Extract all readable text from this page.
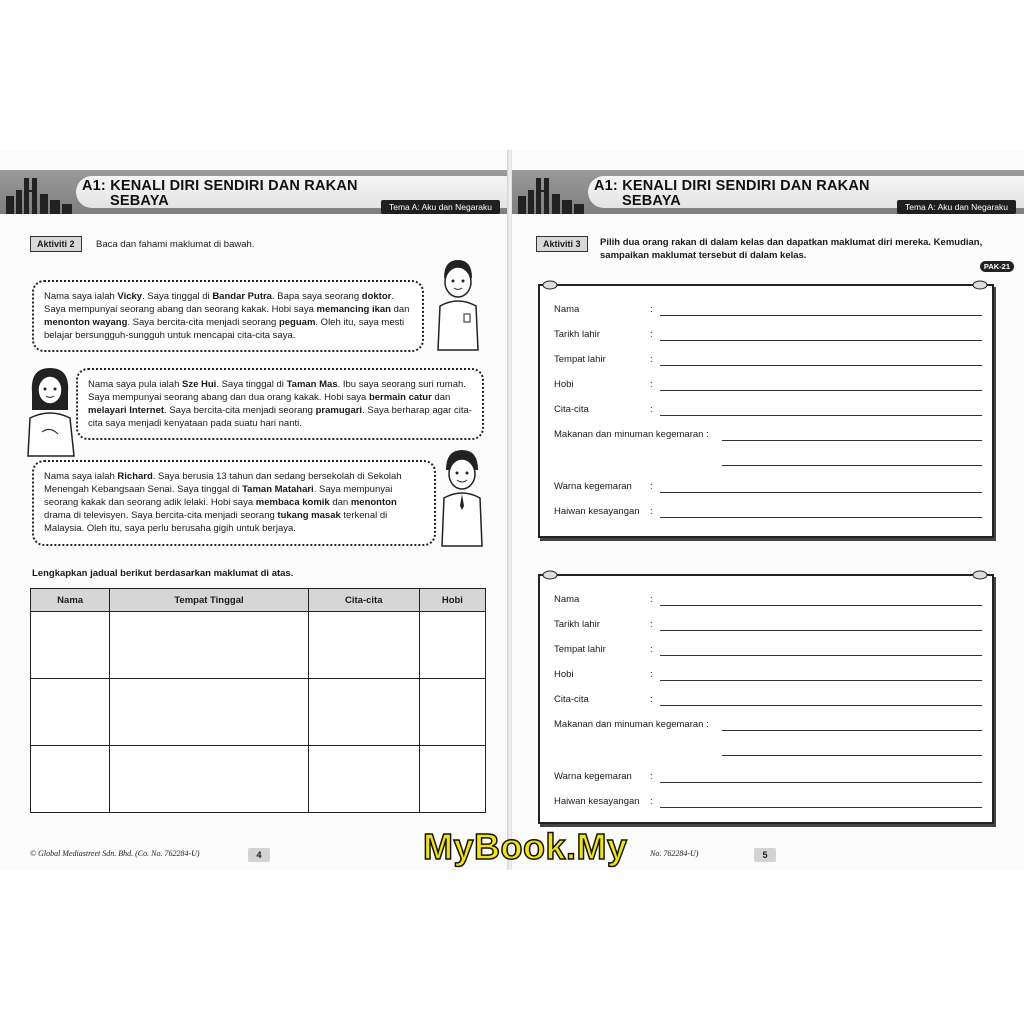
A1: KENALI DIRI SENDIRI DAN RAKAN
SEBAYA	Tema A: Aku dan Negaraku
Aktiviti 2	Baca dan fahami maklumat di bawah.
Nama saya ialah Vicky. Saya tinggal di Bandar Putra. Bapa saya seorang doktor. Saya mempunyai seorang abang dan seorang kakak. Hobi saya memancing ikan dan menonton wayang. Saya bercita-cita menjadi seorang peguam. Oleh itu, saya mesti belajar bersungguh-sungguh untuk mencapai cita-cita saya.
Nama saya pula ialah Sze Hui. Saya tinggal di Taman Mas. Ibu saya seorang suri rumah. Saya mempunyai seorang abang dan dua orang kakak. Hobi saya bermain catur dan melayari Internet. Saya bercita-cita menjadi seorang pramugari. Saya berharap agar cita-cita saya menjadi kenyataan pada suatu hari nanti.
Nama saya ialah Richard. Saya berusia 13 tahun dan sedang bersekolah di Sekolah Menengah Kebangsaan Senai. Saya tinggal di Taman Matahari. Saya mempunyai seorang kakak dan seorang adik lelaki. Hobi saya membaca komik dan menonton drama di televisyen. Saya bercita-cita menjadi seorang tukang masak terkenal di Malaysia. Oleh itu, saya perlu berusaha gigih untuk berjaya.
Lengkapkan jadual berikut berdasarkan maklumat di atas.
Nama	Tempat Tinggal	Cita-cita	Hobi

© Global Mediastreet Sdn. Bhd. (Co. No. 762284-U)	4
A1: KENALI DIRI SENDIRI DAN RAKAN
SEBAYA	Tema A: Aku dan Negaraku
Aktiviti 3	Pilih dua orang rakan di dalam kelas dan dapatkan maklumat diri mereka. Kemudian, sampaikan maklumat tersebut di dalam kelas.
PAK-21
Nama	:
Tarikh lahir	:
Tempat lahir	:
Hobi	:
Cita-cita	:
Makanan dan minuman kegemaran :
Warna kegemaran :
Haiwan kesayangan :
Nama	:
Tarikh lahir	:
Tempat lahir	:
Hobi	:
Cita-cita	:
Makanan dan minuman kegemaran :
Warna kegemaran :
Haiwan kesayangan :
No. 762284-U)	5
MyBook.My
